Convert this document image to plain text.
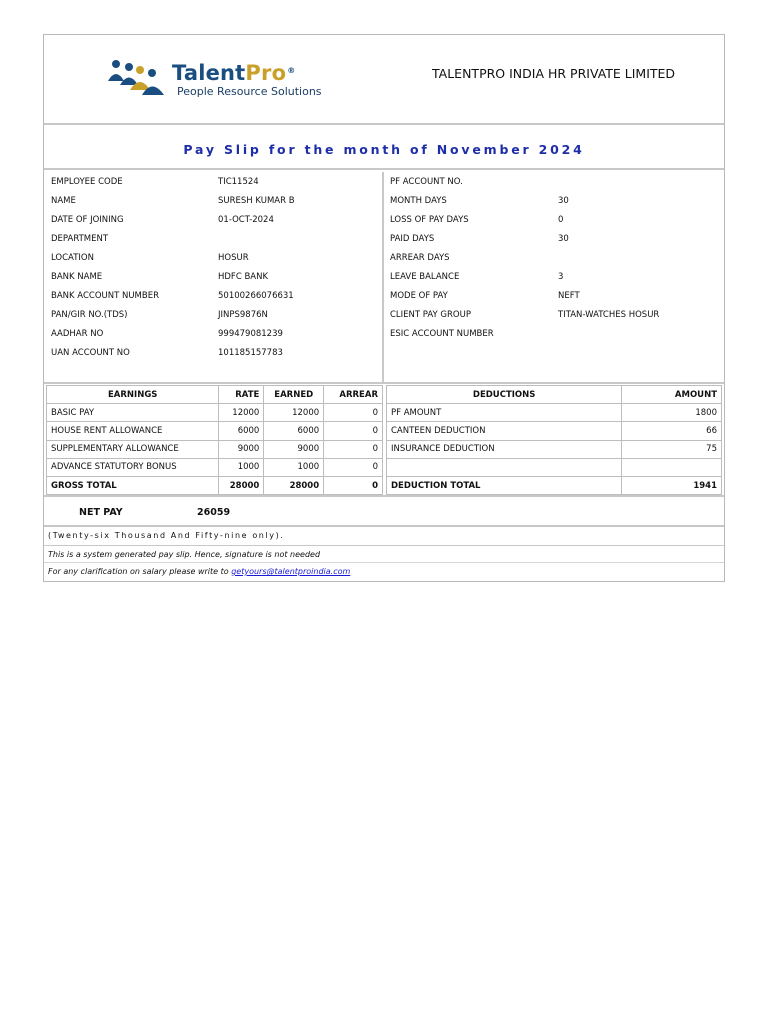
TalentPro®
People Resource Solutions
TALENTPRO INDIA HR PRIVATE LIMITED
Pay Slip for the month of November 2024
EMPLOYEE CODE	TIC11524
NAME	SURESH KUMAR B
DATE OF JOINING	01-OCT-2024
DEPARTMENT
LOCATION	HOSUR
BANK NAME	HDFC BANK
BANK ACCOUNT NUMBER	50100266076631
PAN/GIR NO.(TDS)	JINPS9876N
AADHAR NO	999479081239
UAN ACCOUNT NO	101185157783
PF ACCOUNT NO.
MONTH DAYS	30
LOSS OF PAY DAYS	0
PAID DAYS	30
ARREAR DAYS
LEAVE BALANCE	3
MODE OF PAY	NEFT
CLIENT PAY GROUP	TITAN-WATCHES HOSUR
ESIC ACCOUNT NUMBER
EARNINGS	RATE	EARNED	ARREAR
BASIC PAY	12000	12000	0
HOUSE RENT ALLOWANCE	6000	6000	0
SUPPLEMENTARY ALLOWANCE	9000	9000	0
ADVANCE STATUTORY BONUS	1000	1000	0
GROSS TOTAL	28000	28000	0
DEDUCTIONS	AMOUNT
PF AMOUNT	1800
CANTEEN DEDUCTION	66
INSURANCE DEDUCTION	75

DEDUCTION TOTAL	1941
NET PAY	26059
(Twenty-six Thousand And Fifty-nine only).
This is a system generated pay slip. Hence, signature is not needed
For any clarification on salary please write to getyours@talentproindia.com
